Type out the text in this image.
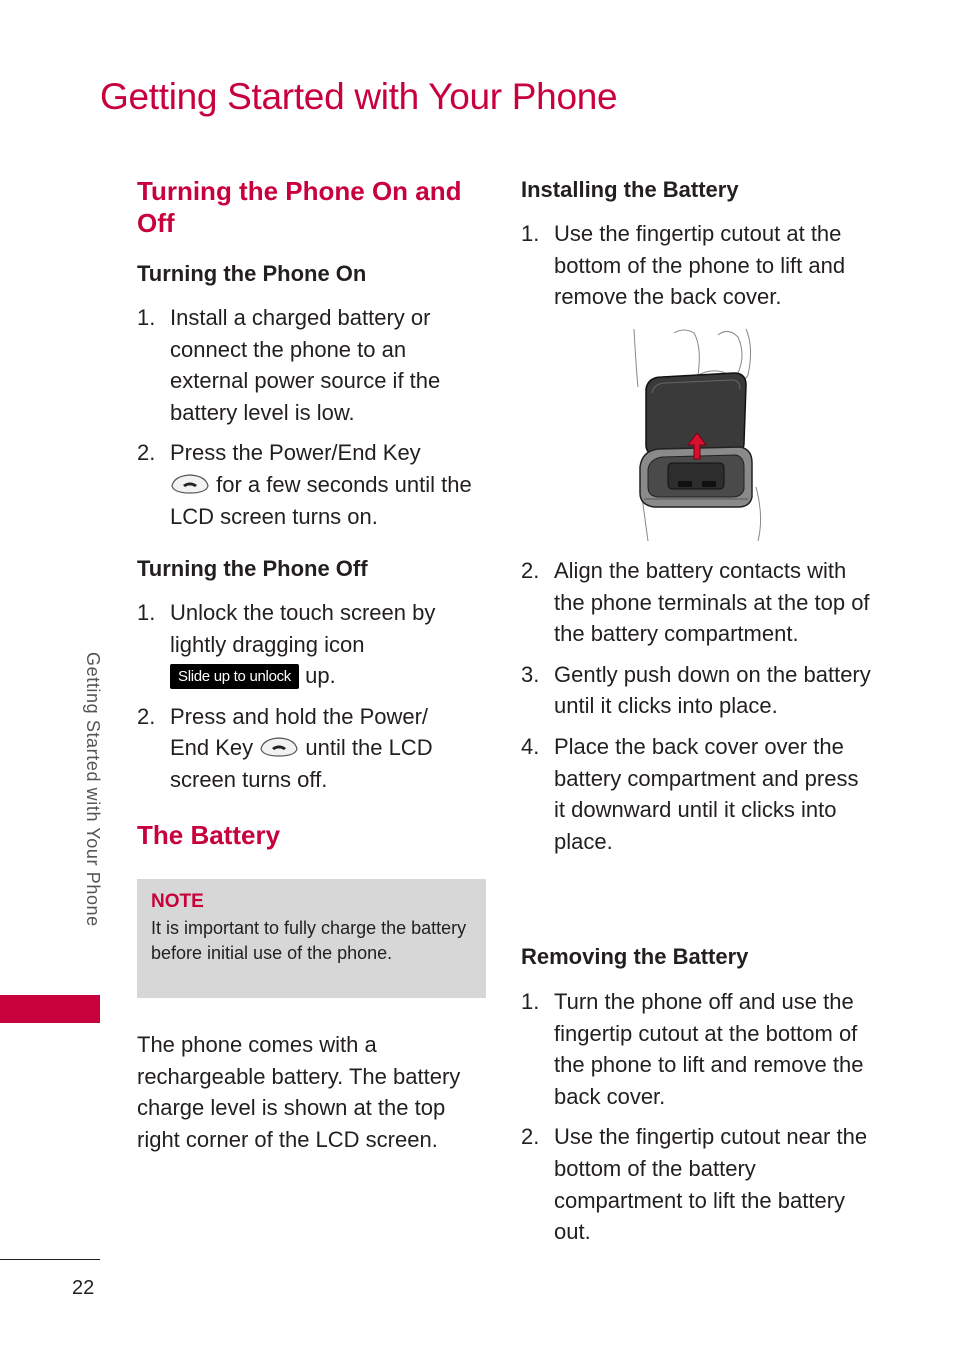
Getting Started with Your Phone
Turning the Phone On and Off
Turning the Phone On
1. Install a charged battery or connect the phone to an external power source if the battery level is low.
2. Press the Power/End Key
for a few seconds until the LCD screen turns on.
Turning the Phone Off
1. Unlock the touch screen by lightly dragging icon Slide up to unlock up.
2. Press and hold the Power/ End Key  until the LCD screen turns off.
The Battery
NOTE
It is important to fully charge the battery before initial use of the phone.
The phone comes with a rechargeable battery. The battery charge level is shown at the top right corner of the LCD screen.
Installing the Battery
1. Use the fingertip cutout at the bottom of the phone to lift and remove the back cover.
2. Align the battery contacts with the phone terminals at the top of the battery compartment.
3. Gently push down on the battery until it clicks into place.
4. Place the back cover over the battery compartment and press it downward until it clicks into place.
Removing the Battery
1. Turn the phone off and use the fingertip cutout at the bottom of the phone to lift and remove the back cover.
2. Use the fingertip cutout near the bottom of the battery compartment to lift the battery out.
Getting Started with Your Phone
22
